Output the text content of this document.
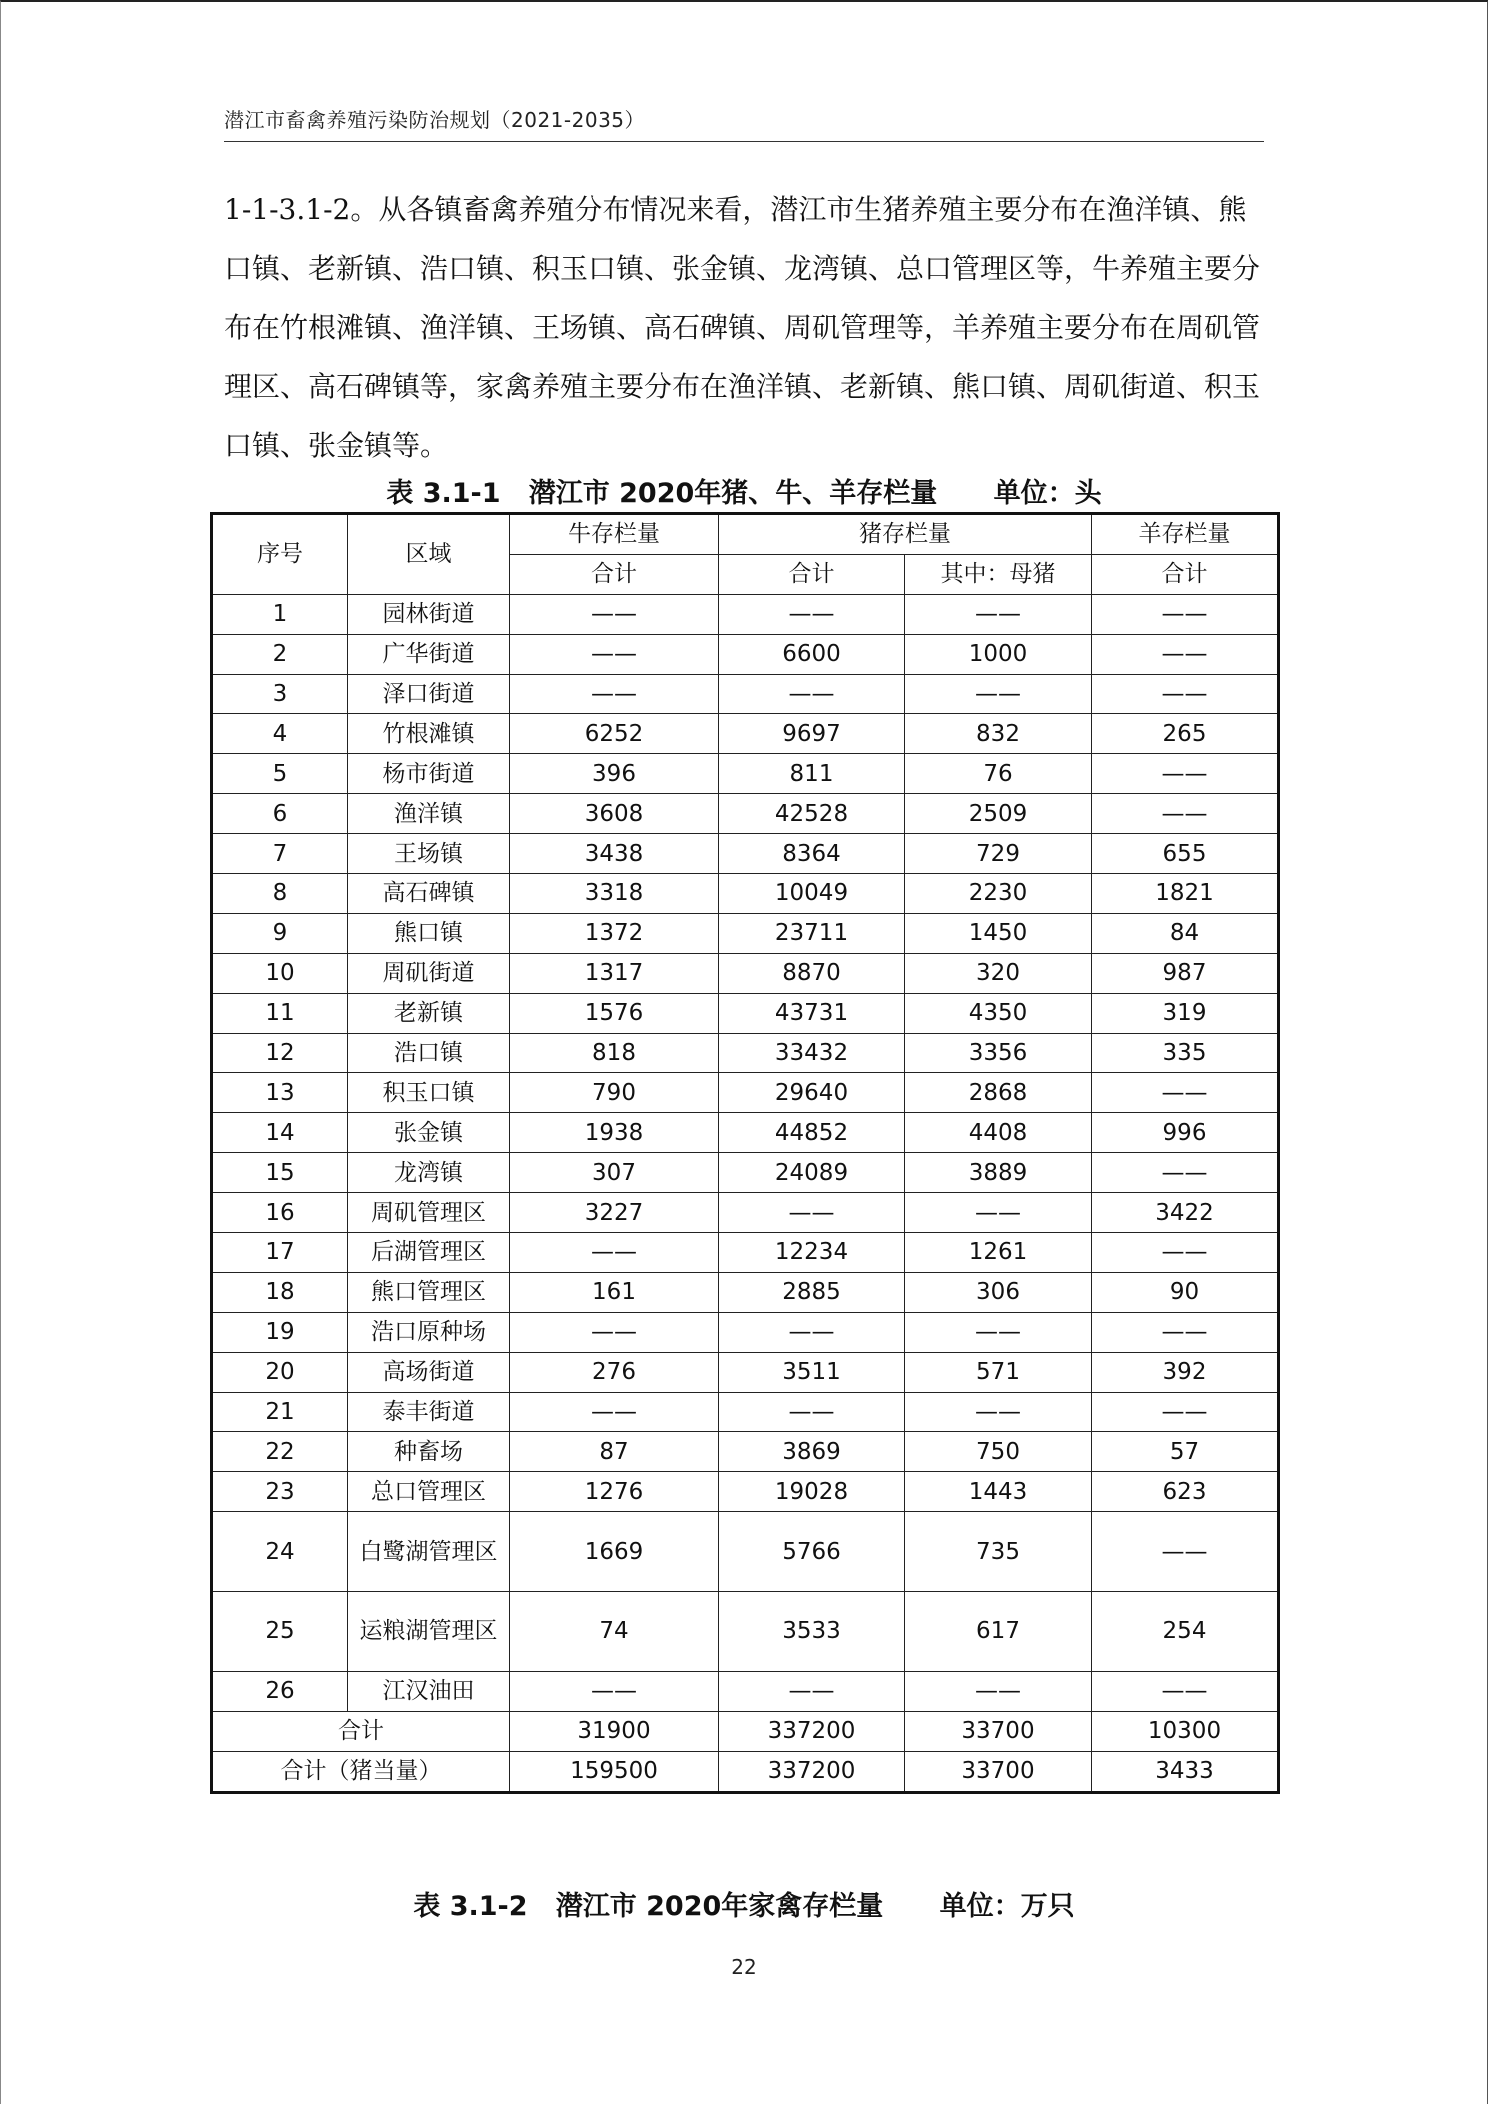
潜江市畜禽养殖污染防治规划（2021-2035）

1-1-3.1-2。从各镇畜禽养殖分布情况来看，潜江市生猪养殖主要分布在渔洋镇、熊口镇、老新镇、浩口镇、积玉口镇、张金镇、龙湾镇、总口管理区等，牛养殖主要分布在竹根滩镇、渔洋镇、王场镇、高石碑镇、周矶管理等，羊养殖主要分布在周矶管理区、高石碑镇等，家禽养殖主要分布在渔洋镇、老新镇、熊口镇、周矶街道、积玉口镇、张金镇等。

表 3.1-1   潜江市 2020年猪、牛、羊存栏量      单位：头
序号	区域	牛存栏量	猪存栏量		羊存栏量
		合计	合计	其中：母猪	合计
1	园林街道	——	——	——	——
2	广华街道	——	6600	1000	——
3	泽口街道	——	——	——	——
4	竹根滩镇	6252	9697	832	265
5	杨市街道	396	811	76	——
6	渔洋镇	3608	42528	2509	——
7	王场镇	3438	8364	729	655
8	高石碑镇	3318	10049	2230	1821
9	熊口镇	1372	23711	1450	84
10	周矶街道	1317	8870	320	987
11	老新镇	1576	43731	4350	319
12	浩口镇	818	33432	3356	335
13	积玉口镇	790	29640	2868	——
14	张金镇	1938	44852	4408	996
15	龙湾镇	307	24089	3889	——
16	周矶管理区	3227	——	——	3422
17	后湖管理区	——	12234	1261	——
18	熊口管理区	161	2885	306	90
19	浩口原种场	——	——	——	——
20	高场街道	276	3511	571	392
21	泰丰街道	——	——	——	——
22	种畜场	87	3869	750	57
23	总口管理区	1276	19028	1443	623
24	白鹭湖管理区	1669	5766	735	——
25	运粮湖管理区	74	3533	617	254
26	江汉油田	——	——	——	——
合计		31900	337200	33700	10300
合计（猪当量）		159500	337200	33700	3433
表 3.1-2   潜江市 2020年家禽存栏量      单位：万只
22
